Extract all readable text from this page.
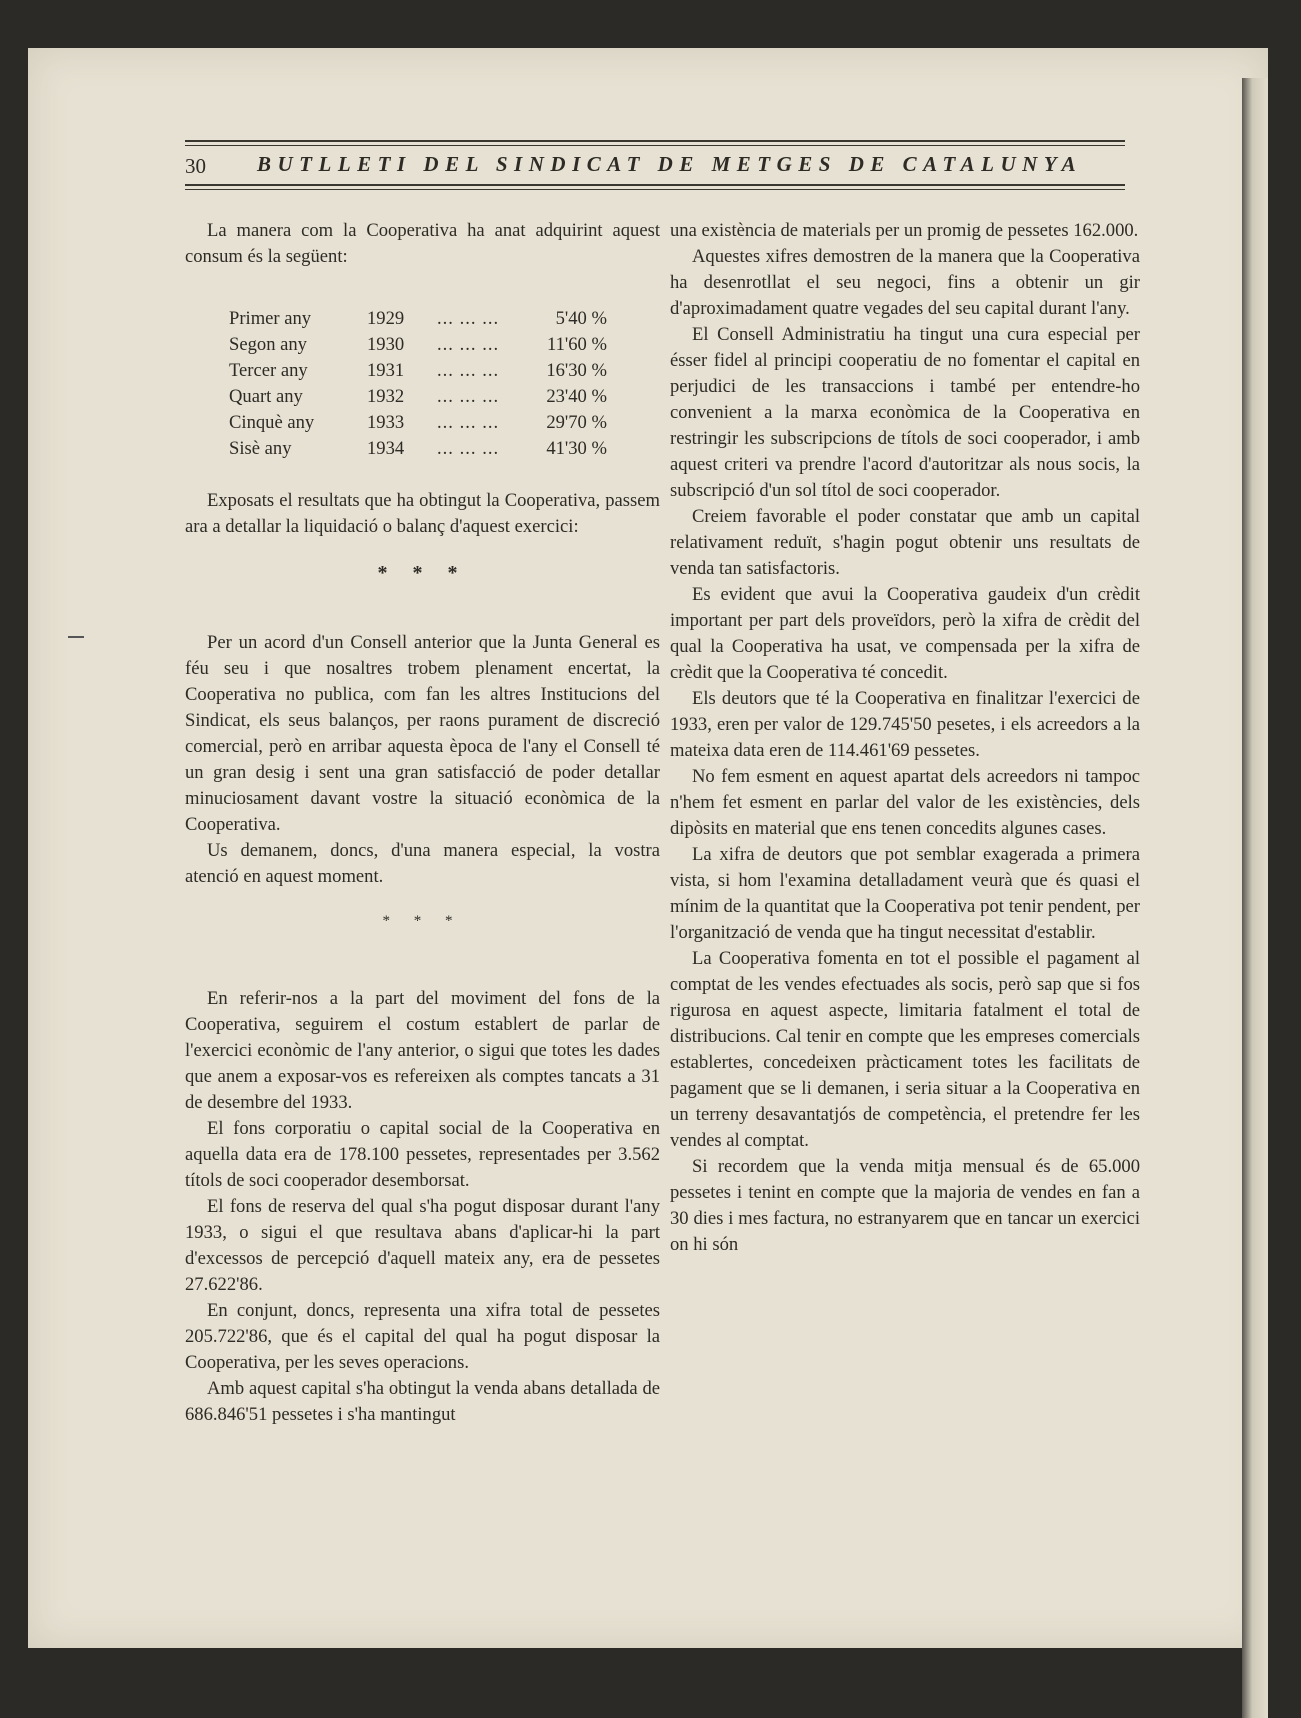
30 BUTLLETI DEL SINDICAT DE METGES DE CATALUNYA

La manera com la Cooperativa ha anat adquirint aquest consum és la següent:

Primer any	1929	... ... ...	5'40 %
Segon any	1930	... ... ...	11'60 %
Tercer any	1931	... ... ...	16'30 %
Quart any	1932	... ... ...	23'40 %
Cinquè any	1933	... ... ...	29'70 %
Sisè any	1934	... ... ...	41'30 %

Exposats el resultats que ha obtingut la Cooperativa, passem ara a detallar la liquidació o balanç d'aquest exercici:

* * *

Per un acord d'un Consell anterior que la Junta General es féu seu i que nosaltres trobem plenament encertat, la Cooperativa no publica, com fan les altres Institucions del Sindicat, els seus balanços, per raons purament de discreció comercial, però en arribar aquesta època de l'any el Consell té un gran desig i sent una gran satisfacció de poder detallar minuciosament davant vostre la situació econòmica de la Cooperativa.

Us demanem, doncs, d'una manera especial, la vostra atenció en aquest moment.

* * *

En referir-nos a la part del moviment del fons de la Cooperativa, seguirem el costum establert de parlar de l'exercici econòmic de l'any anterior, o sigui que totes les dades que anem a exposar-vos es refereixen als comptes tancats a 31 de desembre del 1933.

El fons corporatiu o capital social de la Cooperativa en aquella data era de 178.100 pessetes, representades per 3.562 títols de soci cooperador desemborsat.

El fons de reserva del qual s'ha pogut disposar durant l'any 1933, o sigui el que resultava abans d'aplicar-hi la part d'excessos de percepció d'aquell mateix any, era de pessetes 27.622'86.

En conjunt, doncs, representa una xifra total de pessetes 205.722'86, que és el capital del qual ha pogut disposar la Cooperativa, per les seves operacions.

Amb aquest capital s'ha obtingut la venda abans detallada de 686.846'51 pessetes i s'ha mantingut

una existència de materials per un promig de pessetes 162.000.

Aquestes xifres demostren de la manera que la Cooperativa ha desenrotllat el seu negoci, fins a obtenir un gir d'aproximadament quatre vegades del seu capital durant l'any.

El Consell Administratiu ha tingut una cura especial per ésser fidel al principi cooperatiu de no fomentar el capital en perjudici de les transaccions i també per entendre-ho convenient a la marxa econòmica de la Cooperativa en restringir les subscripcions de títols de soci cooperador, i amb aquest criteri va prendre l'acord d'autoritzar als nous socis, la subscripció d'un sol títol de soci cooperador.

Creiem favorable el poder constatar que amb un capital relativament reduït, s'hagin pogut obtenir uns resultats de venda tan satisfactoris.

Es evident que avui la Cooperativa gaudeix d'un crèdit important per part dels proveïdors, però la xifra de crèdit del qual la Cooperativa ha usat, ve compensada per la xifra de crèdit que la Cooperativa té concedit.

Els deutors que té la Cooperativa en finalitzar l'exercici de 1933, eren per valor de 129.745'50 pesetes, i els acreedors a la mateixa data eren de 114.461'69 pessetes.

No fem esment en aquest apartat dels acreedors ni tampoc n'hem fet esment en parlar del valor de les existències, dels dipòsits en material que ens tenen concedits algunes cases.

La xifra de deutors que pot semblar exagerada a primera vista, si hom l'examina detalladament veurà que és quasi el mínim de la quantitat que la Cooperativa pot tenir pendent, per l'organització de venda que ha tingut necessitat d'establir.

La Cooperativa fomenta en tot el possible el pagament al comptat de les vendes efectuades als socis, però sap que si fos rigurosa en aquest aspecte, limitaria fatalment el total de distribucions. Cal tenir en compte que les empreses comercials establertes, concedeixen pràcticament totes les facilitats de pagament que se li demanen, i seria situar a la Cooperativa en un terreny desavantatjós de competència, el pretendre fer les vendes al comptat.

Si recordem que la venda mitja mensual és de 65.000 pessetes i tenint en compte que la majoria de vendes en fan a 30 dies i mes factura, no estranyarem que en tancar un exercici on hi són
